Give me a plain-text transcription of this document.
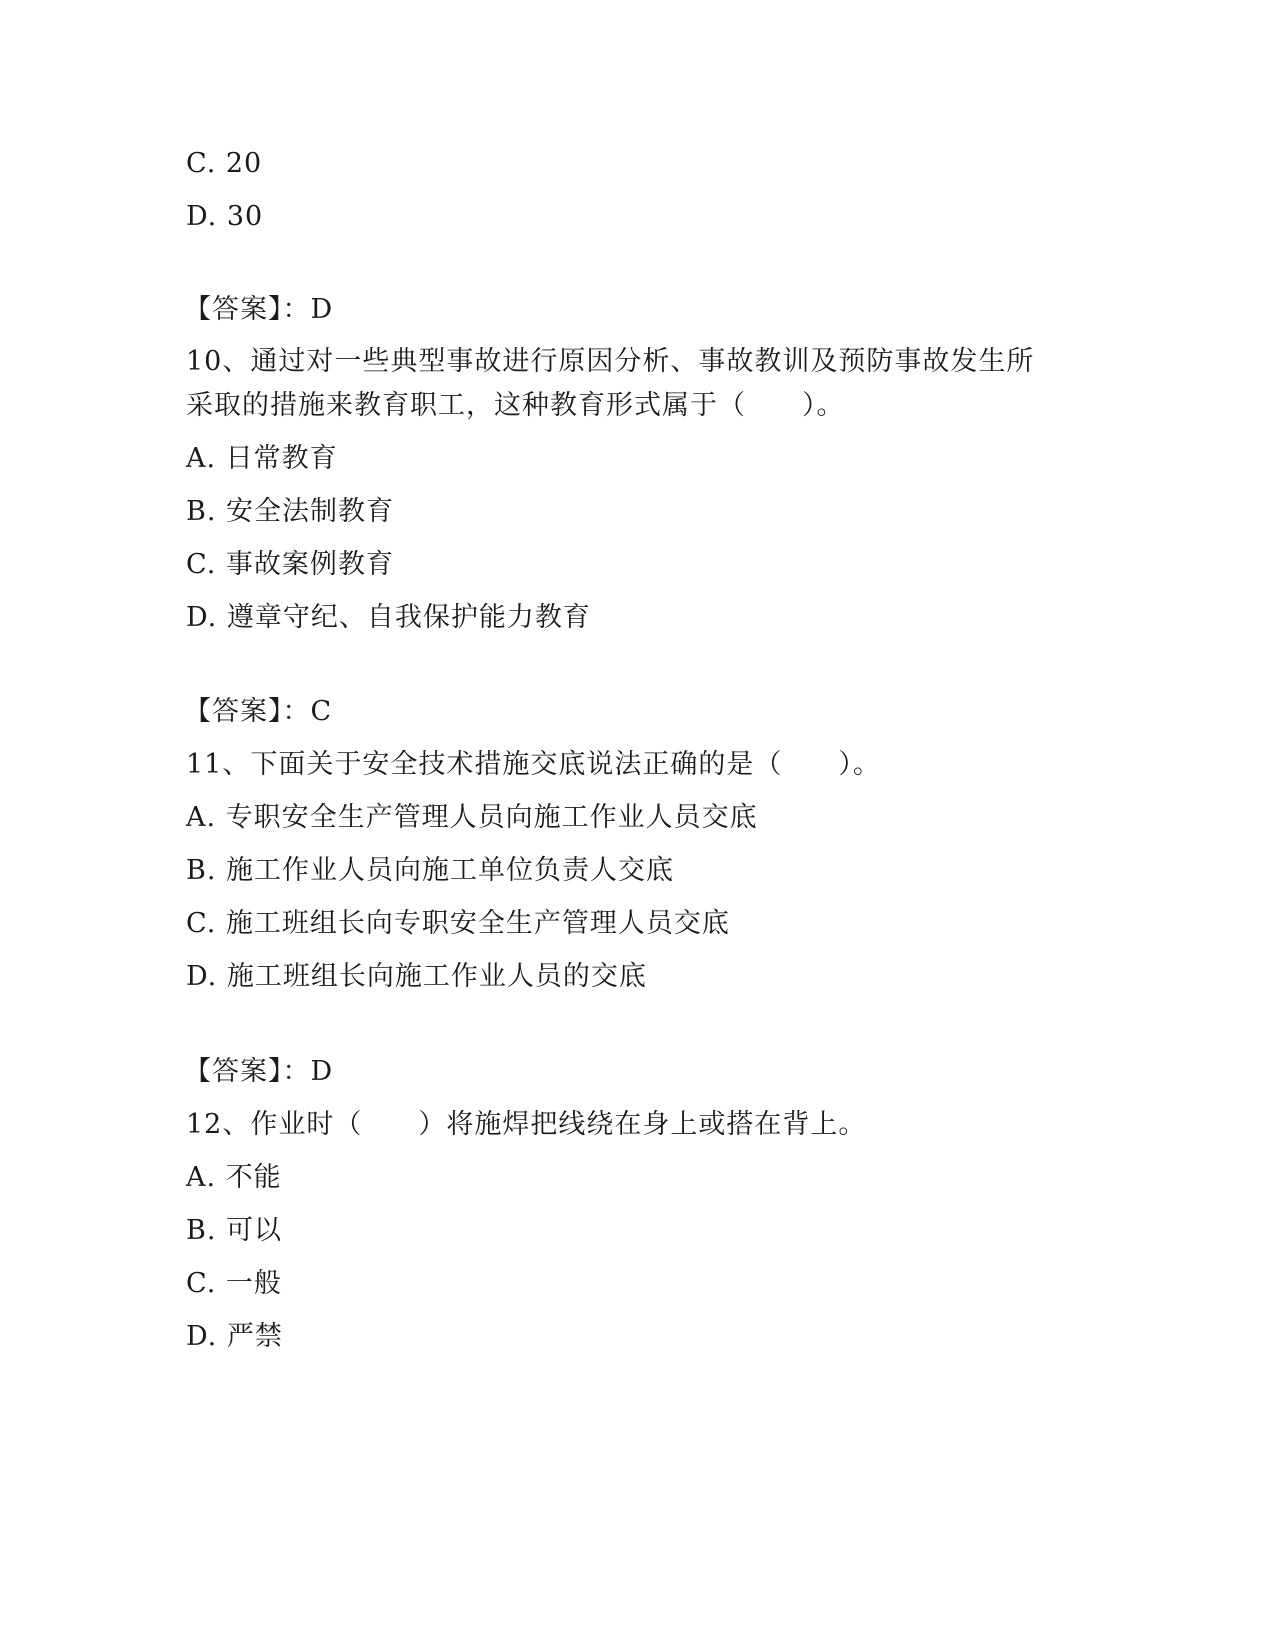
C. 20
D. 30
【答案】：D
10、通过对一些典型事故进行原因分析、事故教训及预防事故发生所
采取的措施来教育职工，这种教育形式属于（　　）。
A. 日常教育
B. 安全法制教育
C. 事故案例教育
D. 遵章守纪、自我保护能力教育
【答案】：C
11、下面关于安全技术措施交底说法正确的是（　　）。
A. 专职安全生产管理人员向施工作业人员交底
B. 施工作业人员向施工单位负责人交底
C. 施工班组长向专职安全生产管理人员交底
D. 施工班组长向施工作业人员的交底
【答案】：D
12、作业时（　　）将施焊把线绕在身上或搭在背上。
A. 不能
B. 可以
C. 一般
D. 严禁
